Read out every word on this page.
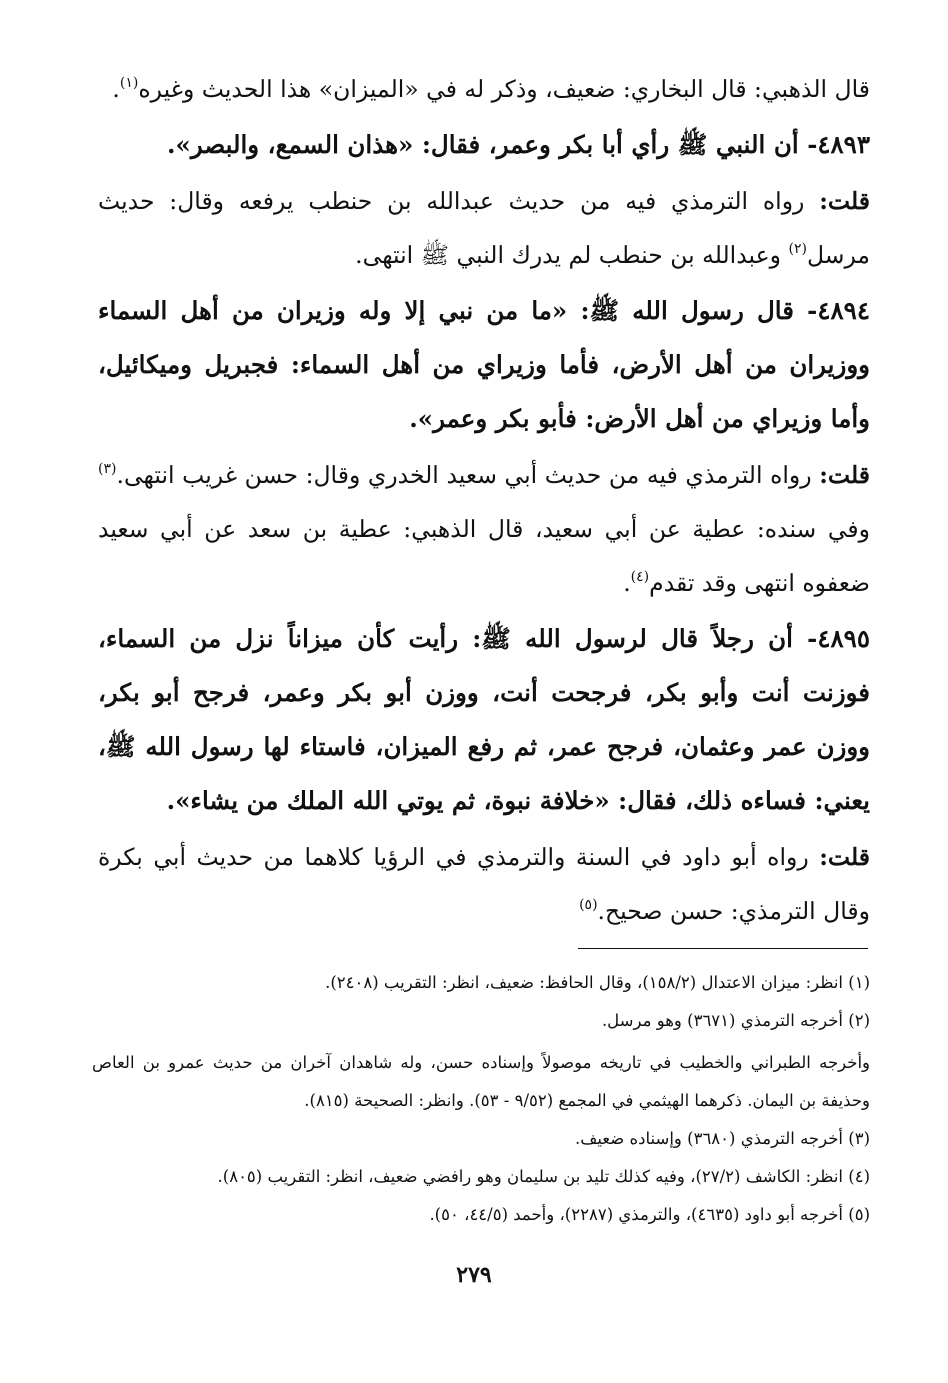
قال الذهبي: قال البخاري: ضعيف، وذكر له في «الميزان» هذا الحديث وغيره$^{(١)}$.

٤٨٩٣- أن النبي ﷺ رأي أبا بكر وعمر، فقال: «هذان السمع، والبصر».

قلت: رواه الترمذي فيه من حديث عبدالله بن حنطب يرفعه وقال: حديث مرسل$^{(٢)}$ وعبدالله بن حنطب لم يدرك النبي ﷺ انتهى.

٤٨٩٤- قال رسول الله ﷺ: «ما من نبي إلا وله وزيران من أهل السماء ووزيران من أهل الأرض، فأما وزيراي من أهل السماء: فجبريل وميكائيل، وأما وزيراي من أهل الأرض: فأبو بكر وعمر».

قلت: رواه الترمذي فيه من حديث أبي سعيد الخدري وقال: حسن غريب انتهى.$^{(٣)}$ وفي سنده: عطية عن أبي سعيد، قال الذهبي: عطية بن سعد عن أبي سعيد ضعفوه انتهى وقد تقدم$^{(٤)}$.

٤٨٩٥- أن رجلاً قال لرسول الله ﷺ: رأيت كأن ميزاناً نزل من السماء، فوزنت أنت وأبو بكر، فرجحت أنت، ووزن أبو بكر وعمر، فرجح أبو بكر، ووزن عمر وعثمان، فرجح عمر، ثم رفع الميزان، فاستاء لها رسول الله ﷺ، يعني: فساءه ذلك، فقال: «خلافة نبوة، ثم يوتي الله الملك من يشاء».

قلت: رواه أبو داود في السنة والترمذي في الرؤيا كلاهما من حديث أبي بكرة وقال الترمذي: حسن صحيح.$^{(٥)}$

(١) انظر: ميزان الاعتدال (١٥٨/٢)، وقال الحافظ: ضعيف، انظر: التقريب (٢٤٠٨).

(٢) أخرجه الترمذي (٣٦٧١) وهو مرسل.

وأخرجه الطبراني والخطيب في تاريخه موصولاً وإسناده حسن، وله شاهدان آخران من حديث عمرو بن العاص وحذيفة بن اليمان. ذكرهما الهيثمي في المجمع (٩/٥٢ - ٥٣). وانظر: الصحيحة (٨١٥).

(٣) أخرجه الترمذي (٣٦٨٠) وإسناده ضعيف.

(٤) انظر: الكاشف (٢٧/٢)، وفيه كذلك تليد بن سليمان وهو رافضي ضعيف، انظر: التقريب (٨٠٥).

(٥) أخرجه أبو داود (٤٦٣٥)، والترمذي (٢٢٨٧)، وأحمد (٤٤/٥، ٥٠).

٢٧٩
